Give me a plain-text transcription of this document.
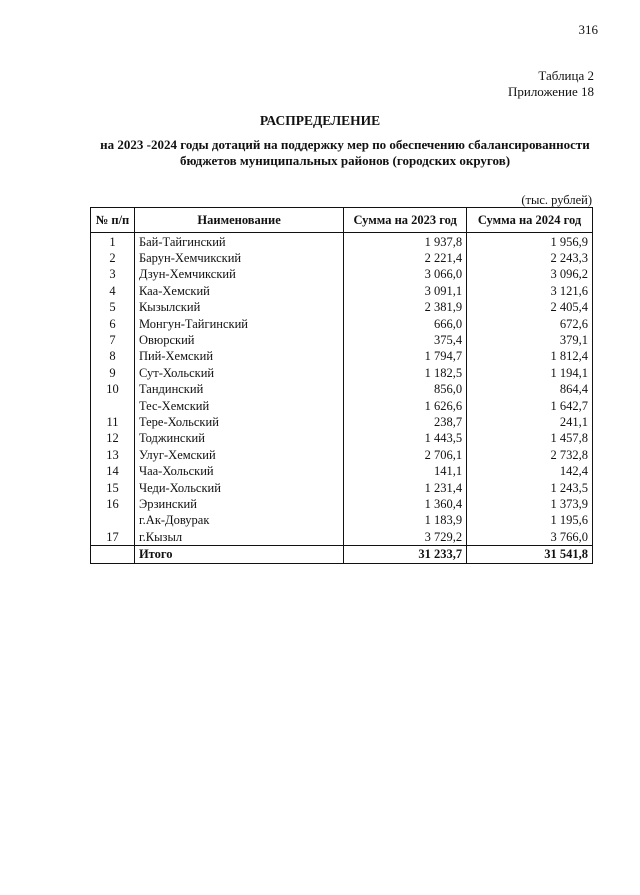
316
Таблица 2
Приложение 18
РАСПРЕДЕЛЕНИЕ
на 2023 -2024 годы дотаций на поддержку мер по обеспечению сбалансированности
бюджетов муниципальных районов (городских округов)
(тыс. рублей)
№ п/п	Наименование	Сумма на 2023 год	Сумма на 2024 год
1	Бай-Тайгинский	1 937,8	1 956,9
2	Барун-Хемчикский	2 221,4	2 243,3
3	Дзун-Хемчикский	3 066,0	3 096,2
4	Каа-Хемский	3 091,1	3 121,6
5	Кызылский	2 381,9	2 405,4
6	Монгун-Тайгинский	666,0	672,6
7	Овюрский	375,4	379,1
8	Пий-Хемский	1 794,7	1 812,4
9	Сут-Хольский	1 182,5	1 194,1
10	Тандинский	856,0	864,4
	Тес-Хемский	1 626,6	1 642,7
11	Тере-Хольский	238,7	241,1
12	Тоджинский	1 443,5	1 457,8
13	Улуг-Хемский	2 706,1	2 732,8
14	Чаа-Хольский	141,1	142,4
15	Чеди-Хольский	1 231,4	1 243,5
16	Эрзинский	1 360,4	1 373,9
	г.Ак-Довурак	1 183,9	1 195,6
17	г.Кызыл	3 729,2	3 766,0
	Итого	31 233,7	31 541,8
